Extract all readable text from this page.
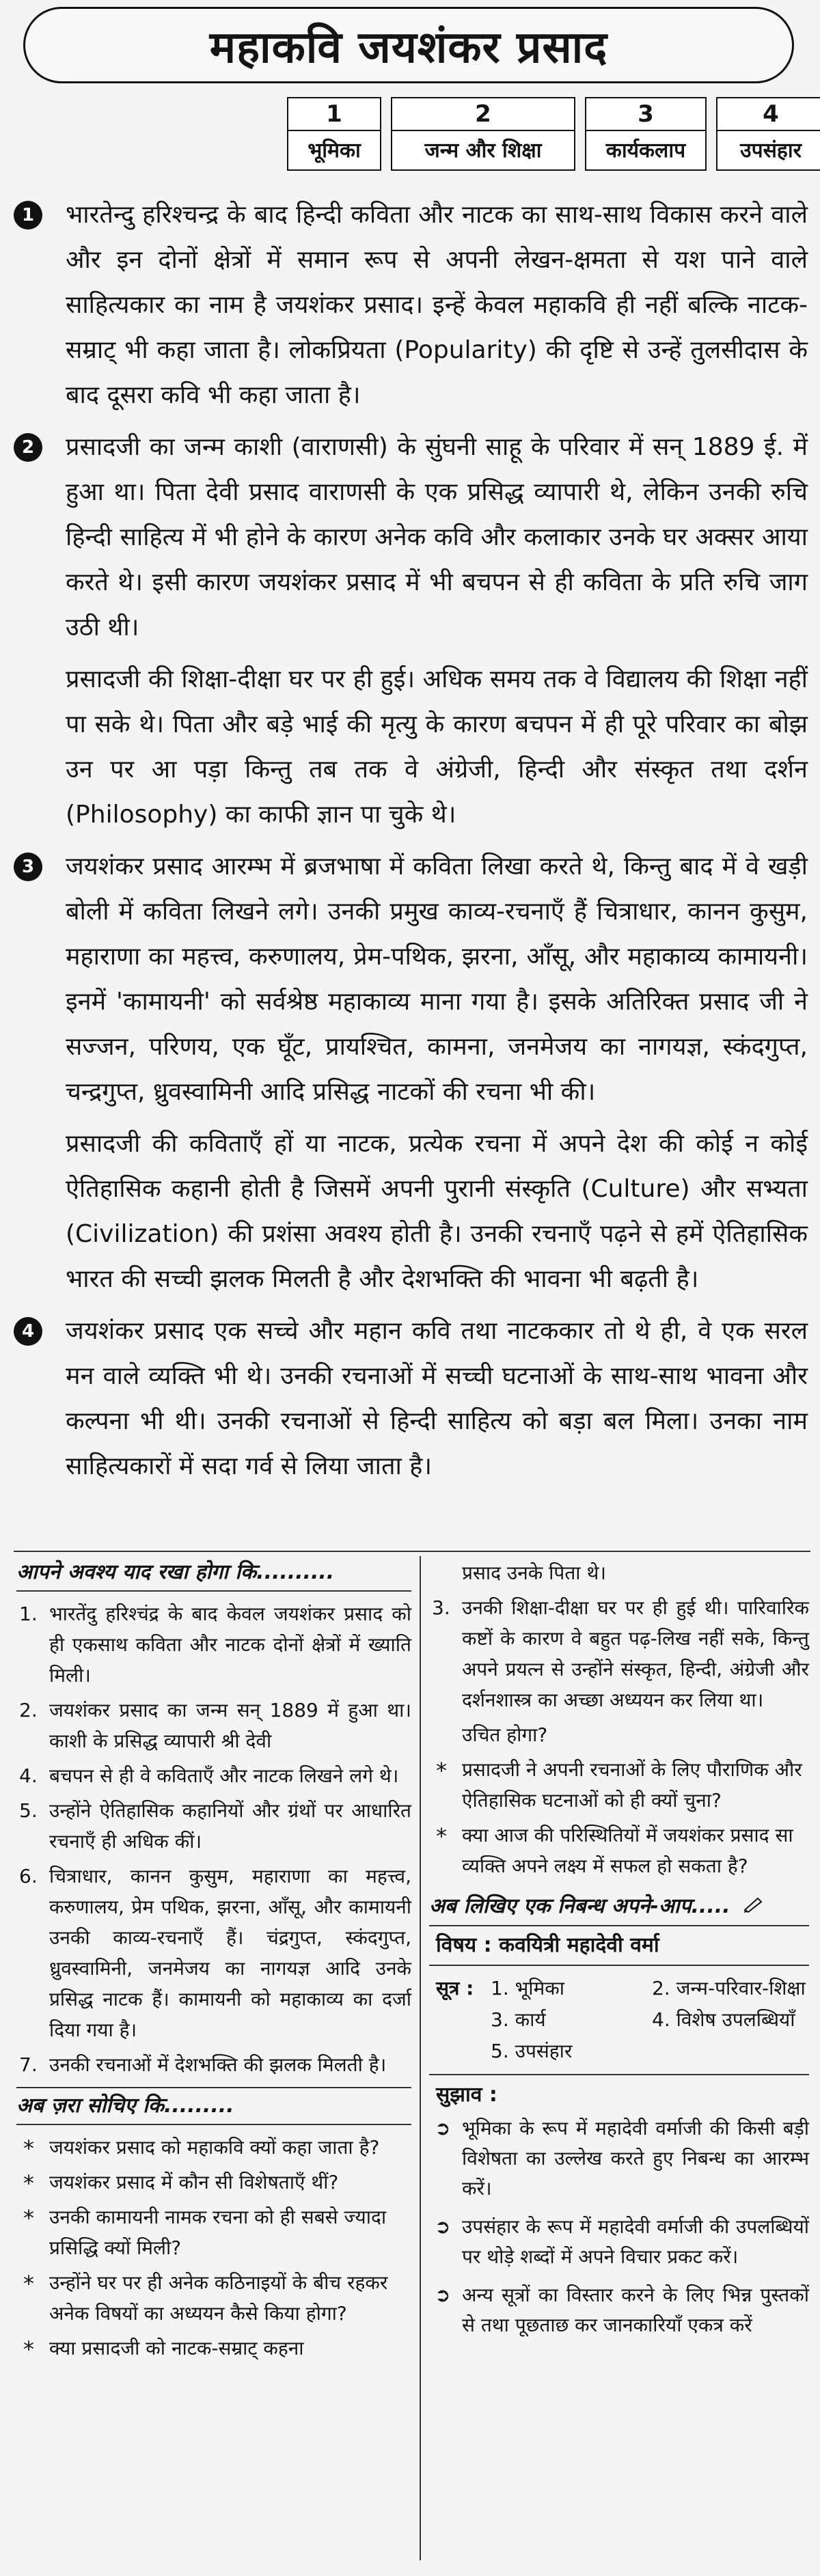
महाकवि जयशंकर प्रसाद
1
भूमिका
2
जन्म और शिक्षा
3
कार्यकलाप
4
उपसंहार
1	भारतेन्दु हरिश्चन्द्र के बाद हिन्दी कविता और नाटक का साथ-साथ विकास करने वाले और इन दोनों क्षेत्रों में समान रूप से अपनी लेखन-क्षमता से यश पाने वाले साहित्यकार का नाम है जयशंकर प्रसाद। इन्हें केवल महाकवि ही नहीं बल्कि नाटक-सम्राट् भी कहा जाता है। लोकप्रियता (Popularity) की दृष्टि से उन्हें तुलसीदास के बाद दूसरा कवि भी कहा जाता है।
2	प्रसादजी का जन्म काशी (वाराणसी) के सुंघनी साहू के परिवार में सन् 1889 ई. में हुआ था। पिता देवी प्रसाद वाराणसी के एक प्रसिद्ध व्यापारी थे, लेकिन उनकी रुचि हिन्दी साहित्य में भी होने के कारण अनेक कवि और कलाकार उनके घर अक्सर आया करते थे। इसी कारण जयशंकर प्रसाद में भी बचपन से ही कविता के प्रति रुचि जाग उठी थी।
प्रसादजी की शिक्षा-दीक्षा घर पर ही हुई। अधिक समय तक वे विद्यालय की शिक्षा नहीं पा सके थे। पिता और बड़े भाई की मृत्यु के कारण बचपन में ही पूरे परिवार का बोझ उन पर आ पड़ा किन्तु तब तक वे अंग्रेजी, हिन्दी और संस्कृत तथा दर्शन (Philosophy) का काफी ज्ञान पा चुके थे।
3	जयशंकर प्रसाद आरम्भ में ब्रजभाषा में कविता लिखा करते थे, किन्तु बाद में वे खड़ी बोली में कविता लिखने लगे। उनकी प्रमुख काव्य-रचनाएँ हैं चित्राधार, कानन कुसुम, महाराणा का महत्त्व, करुणालय, प्रेम-पथिक, झरना, आँसू, और महाकाव्य कामायनी। इनमें 'कामायनी' को सर्वश्रेष्ठ महाकाव्य माना गया है। इसके अतिरिक्त प्रसाद जी ने सज्जन, परिणय, एक घूँट, प्रायश्चित, कामना, जनमेजय का नागयज्ञ, स्कंदगुप्त, चन्द्रगुप्त, ध्रुवस्वामिनी आदि प्रसिद्ध नाटकों की रचना भी की।
प्रसादजी की कविताएँ हों या नाटक, प्रत्येक रचना में अपने देश की कोई न कोई ऐतिहासिक कहानी होती है जिसमें अपनी पुरानी संस्कृति (Culture) और सभ्यता (Civilization) की प्रशंसा अवश्य होती है। उनकी रचनाएँ पढ़ने से हमें ऐतिहासिक भारत की सच्ची झलक मिलती है और देशभक्ति की भावना भी बढ़ती है।
4	जयशंकर प्रसाद एक सच्चे और महान कवि तथा नाटककार तो थे ही, वे एक सरल मन वाले व्यक्ति भी थे। उनकी रचनाओं में सच्ची घटनाओं के साथ-साथ भावना और कल्पना भी थी। उनकी रचनाओं से हिन्दी साहित्य को बड़ा बल मिला। उनका नाम साहित्यकारों में सदा गर्व से लिया जाता है।
आपने अवश्य याद रखा होगा कि..........
1. भारतेंदु हरिश्चंद्र के बाद केवल जयशंकर प्रसाद को ही एकसाथ कविता और नाटक दोनों क्षेत्रों में ख्याति मिली।
2. जयशंकर प्रसाद का जन्म सन् 1889 में हुआ था। काशी के प्रसिद्ध व्यापारी श्री देवी
4. बचपन से ही वे कविताएँ और नाटक लिखने लगे थे।
5. उन्होंने ऐतिहासिक कहानियों और ग्रंथों पर आधारित रचनाएँ ही अधिक कीं।
6. चित्राधार, कानन कुसुम, महाराणा का महत्त्व, करुणालय, प्रेम पथिक, झरना, आँसू, और कामायनी उनकी काव्य-रचनाएँ हैं। चंद्रगुप्त, स्कंदगुप्त, ध्रुवस्वामिनी, जनमेजय का नागयज्ञ आदि उनके प्रसिद्ध नाटक हैं। कामायनी को महाकाव्य का दर्जा दिया गया है।
7. उनकी रचनाओं में देशभक्ति की झलक मिलती है।
अब ज़रा सोचिए कि.........
* जयशंकर प्रसाद को महाकवि क्यों कहा जाता है?
* जयशंकर प्रसाद में कौन सी विशेषताएँ थीं?
* उनकी कामायनी नामक रचना को ही सबसे ज्यादा प्रसिद्धि क्यों मिली?
* उन्होंने घर पर ही अनेक कठिनाइयों के बीच रहकर अनेक विषयों का अध्ययन कैसे किया होगा?
* क्या प्रसादजी को नाटक-सम्राट् कहना
प्रसाद उनके पिता थे।
3. उनकी शिक्षा-दीक्षा घर पर ही हुई थी। पारिवारिक कष्टों के कारण वे बहुत पढ़-लिख नहीं सके, किन्तु अपने प्रयत्न से उन्होंने संस्कृत, हिन्दी, अंग्रेजी और दर्शनशास्त्र का अच्छा अध्ययन कर लिया था।
उचित होगा?
* प्रसादजी ने अपनी रचनाओं के लिए पौराणिक और ऐतिहासिक घटनाओं को ही क्यों चुना?
* क्या आज की परिस्थितियों में जयशंकर प्रसाद सा व्यक्ति अपने लक्ष्य में सफल हो सकता है?
अब लिखिए एक निबन्ध अपने-आप.....
विषय : कवयित्री महादेवी वर्मा
सूत्र : 1. भूमिका	2. जन्म-परिवार-शिक्षा
3. कार्य	4. विशेष उपलब्धियाँ
5. उपसंहार
सुझाव :
➲ भूमिका के रूप में महादेवी वर्माजी की किसी बड़ी विशेषता का उल्लेख करते हुए निबन्ध का आरम्भ करें।
➲ उपसंहार के रूप में महादेवी वर्माजी की उपलब्धियों पर थोड़े शब्दों में अपने विचार प्रकट करें।
➲ अन्य सूत्रों का विस्तार करने के लिए भिन्न पुस्तकों से तथा पूछताछ कर जानकारियाँ एकत्र करें
